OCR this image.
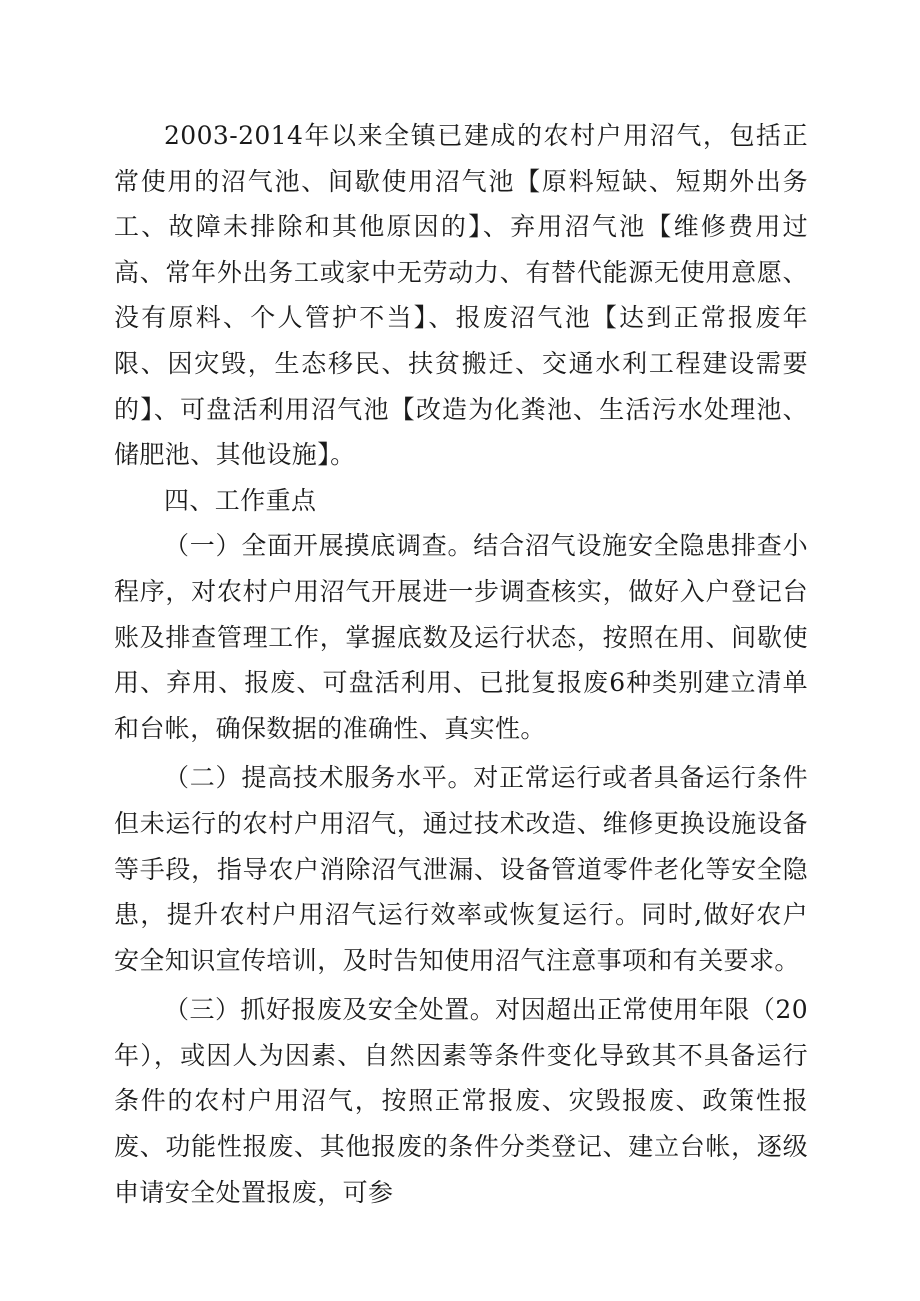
2003-2014年以来全镇已建成的农村户用沼气，包括正常使用的沼气池、间歇使用沼气池【原料短缺、短期外出务工、故障未排除和其他原因的】、弃用沼气池【维修费用过高、常年外出务工或家中无劳动力、有替代能源无使用意愿、没有原料、个人管护不当】、报废沼气池【达到正常报废年限、因灾毁，生态移民、扶贫搬迁、交通水利工程建设需要的】、可盘活利用沼气池【改造为化粪池、生活污水处理池、储肥池、其他设施】。

四、工作重点

（一）全面开展摸底调查。结合沼气设施安全隐患排查小程序，对农村户用沼气开展进一步调查核实，做好入户登记台账及排查管理工作，掌握底数及运行状态，按照在用、间歇使用、弃用、报废、可盘活利用、已批复报废6种类别建立清单和台帐，确保数据的准确性、真实性。

（二）提高技术服务水平。对正常运行或者具备运行条件但未运行的农村户用沼气，通过技术改造、维修更换设施设备等手段，指导农户消除沼气泄漏、设备管道零件老化等安全隐患，提升农村户用沼气运行效率或恢复运行。同时,做好农户安全知识宣传培训，及时告知使用沼气注意事项和有关要求。

（三）抓好报废及安全处置。对因超出正常使用年限（20年），或因人为因素、自然因素等条件变化导致其不具备运行条件的农村户用沼气，按照正常报废、灾毁报废、政策性报废、功能性报废、其他报废的条件分类登记、建立台帐，逐级申请安全处置报废，可参
